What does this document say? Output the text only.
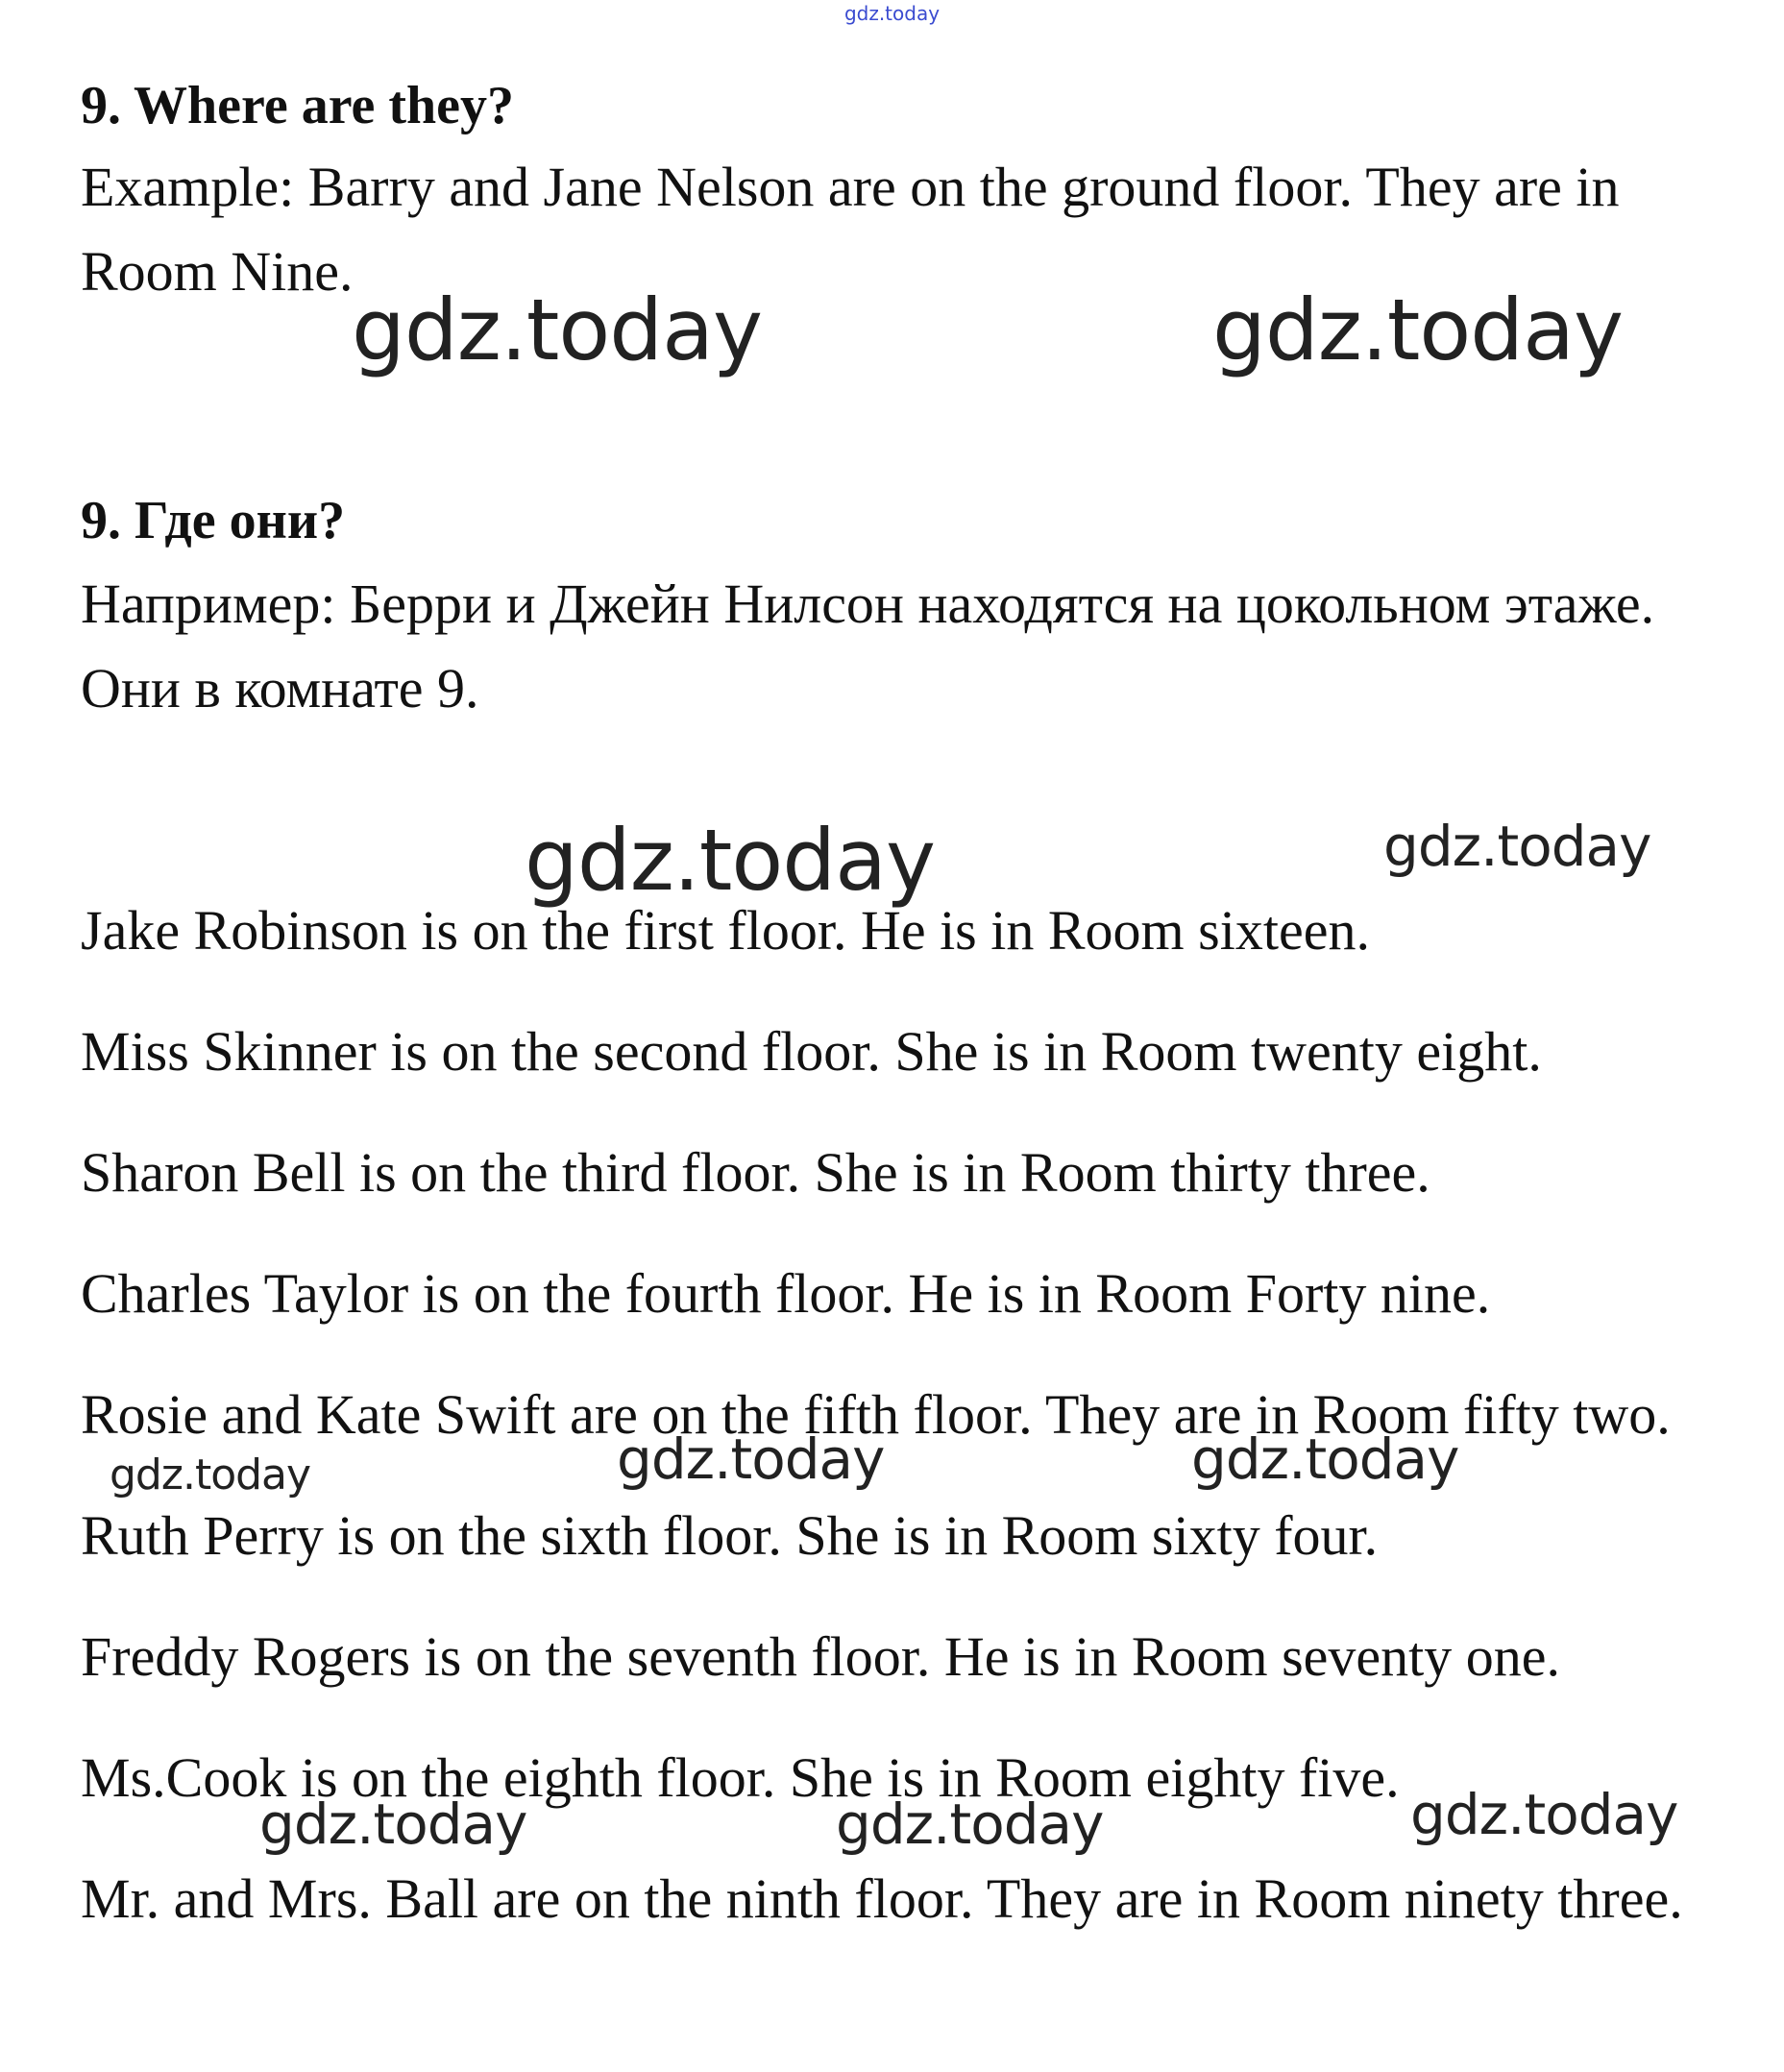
gdz.today
9. Where are they?
Example: Barry and Jane Nelson are on the ground floor. They are in
Room Nine.
9. Где они?
Например: Берри и Джейн Нилсон находятся на цокольном этаже.
Они в комнате 9.
Jake Robinson is on the first floor. He is in Room sixteen.
Miss Skinner is on the second floor. She is in Room twenty eight.
Sharon Bell is on the third floor. She is in Room thirty three.
Charles Taylor is on the fourth floor. He is in Room Forty nine.
Rosie and Kate Swift are on the fifth floor. They are in Room fifty two.
Ruth Perry is on the sixth floor. She is in Room sixty four.
Freddy Rogers is on the seventh floor. He is in Room seventy one.
Ms.Cook is on the eighth floor. She is in Room eighty five.
Mr. and Mrs. Ball are on the ninth floor. They are in Room ninety three.
gdz.today	gdz.today
gdz.today	gdz.today
gdz.today	gdz.today	gdz.today
gdz.today	gdz.today	gdz.today
